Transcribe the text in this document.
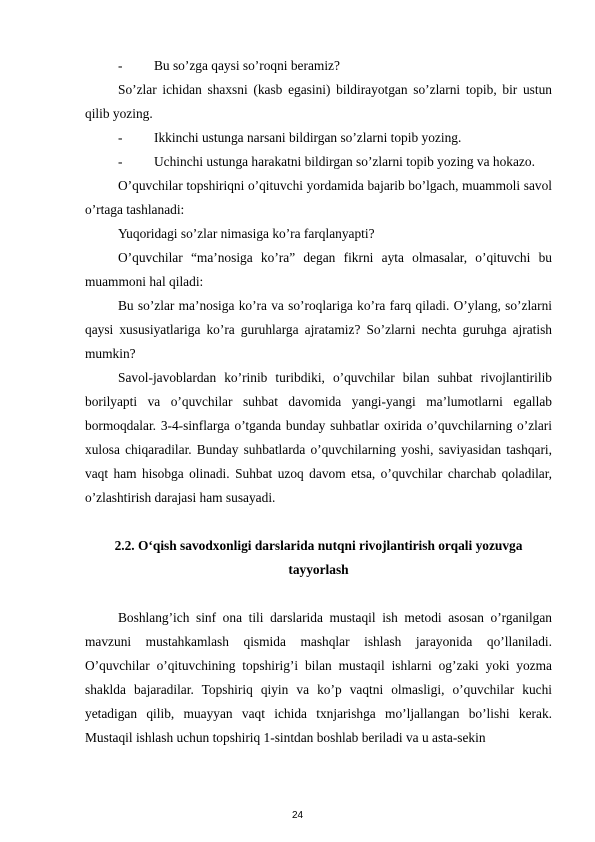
- Bu so’zga qaysi so’roqni beramiz?

So’zlar ichidan shaxsni (kasb egasini) bildirayotgan so’zlarni topib, bir ustun qilib yozing.

- Ikkinchi ustunga narsani bildirgan so’zlarni topib yozing.

- Uchinchi ustunga harakatni bildirgan so’zlarni topib yozing va hokazo.

O’quvchilar topshiriqni o’qituvchi yordamida bajarib bo’lgach, muammoli savol o’rtaga tashlanadi:

Yuqoridagi so’zlar nimasiga ko’ra farqlanyapti?

O’quvchilar “ma’nosiga ko’ra” degan fikrni ayta olmasalar, o’qituvchi bu muammoni hal qiladi:

Bu so’zlar ma’nosiga ko’ra va so’roqlariga ko’ra farq qiladi. O’ylang, so’zlarni qaysi xususiyatlariga ko’ra guruhlarga ajratamiz? So’zlarni nechta guruhga ajratish mumkin?

Savol-javoblardan ko’rinib turibdiki, o’quvchilar bilan suhbat rivojlantirilib borilyapti va o’quvchilar suhbat davomida yangi-yangi ma’lumotlarni egallab bormoqdalar. 3-4-sinflarga o’tganda bunday suhbatlar oxirida o’quvchilarning o’zlari xulosa chiqaradilar. Bunday suhbatlarda o’quvchilarning yoshi, saviyasidan tashqari, vaqt ham hisobga olinadi. Suhbat uzoq davom etsa, o’quvchilar charchab qoladilar, o’zlashtirish darajasi ham susayadi.

2.2. O‘qish savodxonligi darslarida nutqni rivojlantirish orqali yozuvga tayyorlash

Boshlang’ich sinf ona tili darslarida mustaqil ish metodi asosan o’rganilgan mavzuni mustahkamlash qismida mashqlar ishlash jarayonida qo’llaniladi. O’quvchilar o’qituvchining topshirig’i bilan mustaqil ishlarni og’zaki yoki yozma shaklda bajaradilar. Topshiriq qiyin va ko’p vaqtni olmasligi, o’quvchilar kuchi yetadigan qilib, muayyan vaqt ichida txnjarishga mo’ljallangan bo’lishi kerak. Mustaqil ishlash uchun topshiriq 1-sintdan boshlab beriladi va u asta-sekin

24
